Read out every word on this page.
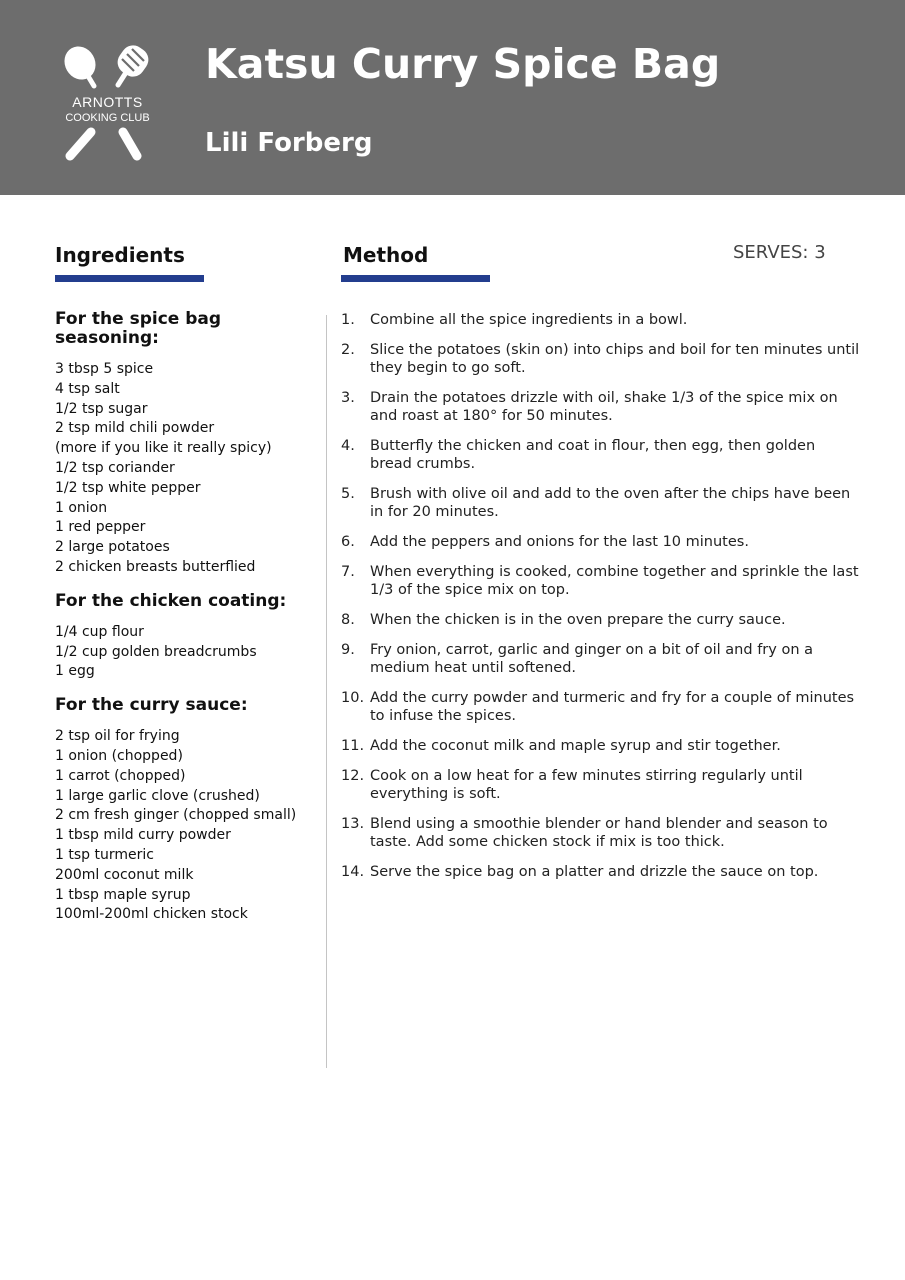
ARNOTTS
COOKING CLUB
Katsu Curry Spice Bag
Lili Forberg
Ingredients	Method	SERVES: 3
For the spice bag seasoning:
3 tbsp 5 spice
4 tsp salt
1/2 tsp sugar
2 tsp mild chili powder
(more if you like it really spicy)
1/2 tsp coriander
1/2 tsp white pepper
1 onion
1 red pepper
2 large potatoes
2 chicken breasts butterflied
For the chicken coating:
1/4 cup flour
1/2 cup golden breadcrumbs
1 egg
For the curry sauce:
2 tsp oil for frying
1 onion (chopped)
1 carrot (chopped)
1 large garlic clove (crushed)
2 cm fresh ginger (chopped small)
1 tbsp mild curry powder
1 tsp turmeric
200ml coconut milk
1 tbsp maple syrup
100ml-200ml chicken stock
1. Combine all the spice ingredients in a bowl.
2. Slice the potatoes (skin on) into chips and boil for ten minutes until they begin to go soft.
3. Drain the potatoes drizzle with oil, shake 1/3 of the spice mix on and roast at 180° for 50 minutes.
4. Butterfly the chicken and coat in flour, then egg, then golden bread crumbs.
5. Brush with olive oil and add to the oven after the chips have been in for 20 minutes.
6. Add the peppers and onions for the last 10 minutes.
7. When everything is cooked, combine together and sprinkle the last 1/3 of the spice mix on top.
8. When the chicken is in the oven prepare the curry sauce.
9. Fry onion, carrot, garlic and ginger on a bit of oil and fry on a medium heat until softened.
10. Add the curry powder and turmeric and fry for a couple of minutes to infuse the spices.
11. Add the coconut milk and maple syrup and stir together.
12. Cook on a low heat for a few minutes stirring regularly until everything is soft.
13. Blend using a smoothie blender or hand blender and season to taste. Add some chicken stock if mix is too thick.
14. Serve the spice bag on a platter and drizzle the sauce on top.
